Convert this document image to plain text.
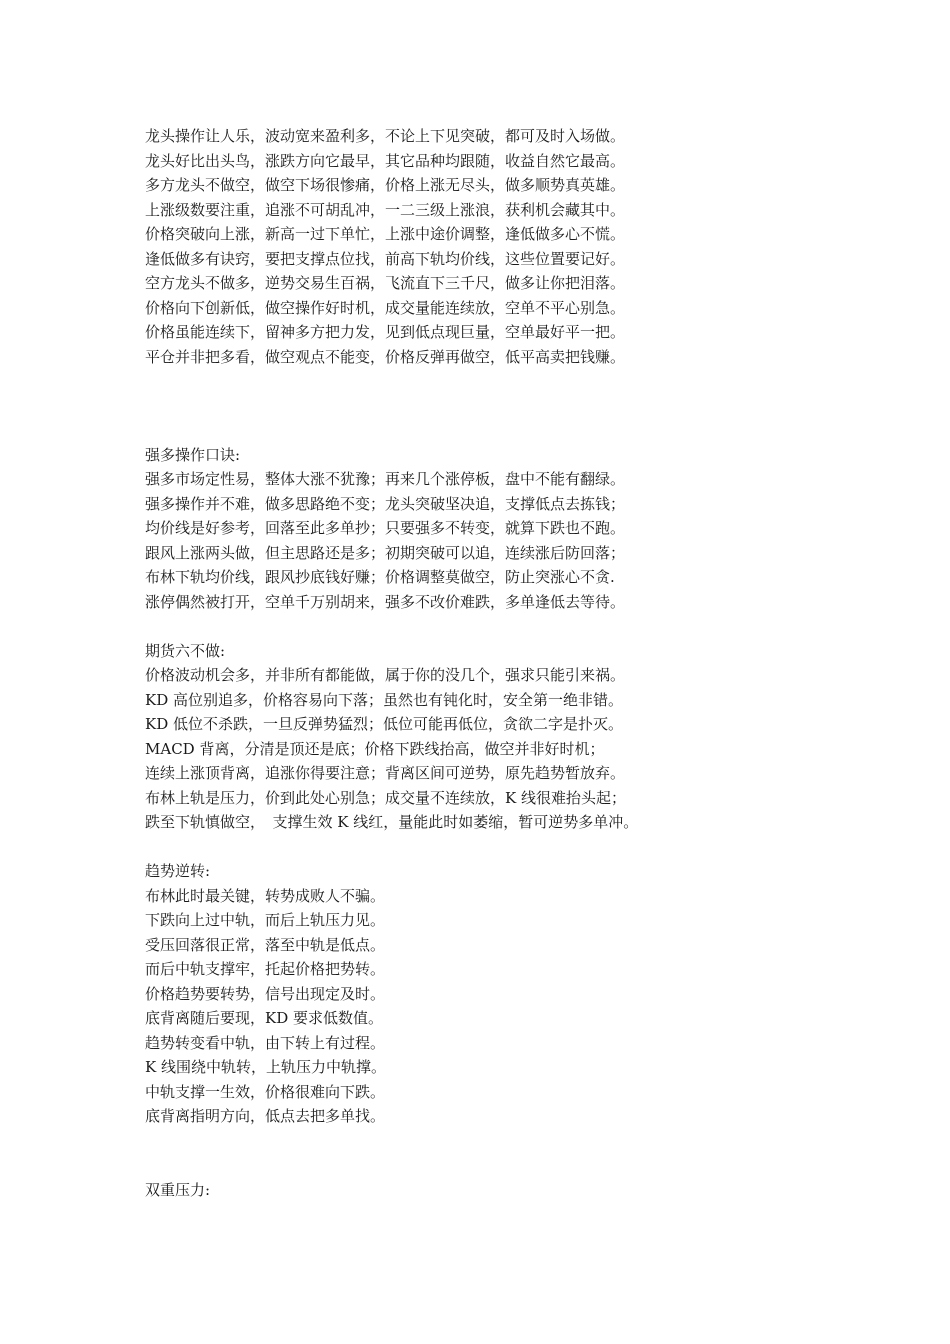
龙头操作让人乐，波动宽来盈利多，不论上下见突破，都可及时入场做。
龙头好比出头鸟，涨跌方向它最早，其它品种均跟随，收益自然它最高。
多方龙头不做空，做空下场很惨痛，价格上涨无尽头，做多顺势真英雄。
上涨级数要注重，追涨不可胡乱冲，一二三级上涨浪，获利机会藏其中。
价格突破向上涨，新高一过下单忙，上涨中途价调整，逢低做多心不慌。
逢低做多有诀窍，要把支撑点位找，前高下轨均价线，这些位置要记好。
空方龙头不做多，逆势交易生百祸，飞流直下三千尺，做多让你把泪落。
价格向下创新低，做空操作好时机，成交量能连续放，空单不平心别急。
价格虽能连续下，留神多方把力发，见到低点现巨量，空单最好平一把。
平仓并非把多看，做空观点不能变，价格反弹再做空，低平高卖把钱赚。
强多操作口诀:
强多市场定性易，整体大涨不犹豫；再来几个涨停板，盘中不能有翻绿。
强多操作并不难，做多思路绝不变；龙头突破坚决追，支撑低点去拣钱；
均价线是好参考，回落至此多单抄；只要强多不转变，就算下跌也不跑。
跟风上涨两头做，但主思路还是多；初期突破可以追，连续涨后防回落；
布林下轨均价线，跟风抄底钱好赚；价格调整莫做空，防止突涨心不贪.
涨停偶然被打开，空单千万别胡来，强多不改价难跌，多单逢低去等待。
期货六不做:
价格波动机会多，并非所有都能做，属于你的没几个，强求只能引来祸。
KD 高位别追多，价格容易向下落；虽然也有钝化时，安全第一绝非错。
KD 低位不杀跌，一旦反弹势猛烈；低位可能再低位，贪欲二字是扑灭。
MACD 背离，分清是顶还是底；价格下跌线抬高，做空并非好时机；
连续上涨顶背离，追涨你得要注意；背离区间可逆势，原先趋势暂放弃。
布林上轨是压力，价到此处心别急；成交量不连续放，K 线很难抬头起；
跌至下轨慎做空，　支撑生效 K 线红，量能此时如萎缩，暂可逆势多单冲。
趋势逆转:
布林此时最关键，转势成败人不骗。
下跌向上过中轨，而后上轨压力见。
受压回落很正常，落至中轨是低点。
而后中轨支撑牢，托起价格把势转。
价格趋势要转势，信号出现定及时。
底背离随后要现，KD 要求低数值。
趋势转变看中轨，由下转上有过程。
K 线围绕中轨转，上轨压力中轨撑。
中轨支撑一生效，价格很难向下跌。
底背离指明方向，低点去把多单找。
双重压力:
